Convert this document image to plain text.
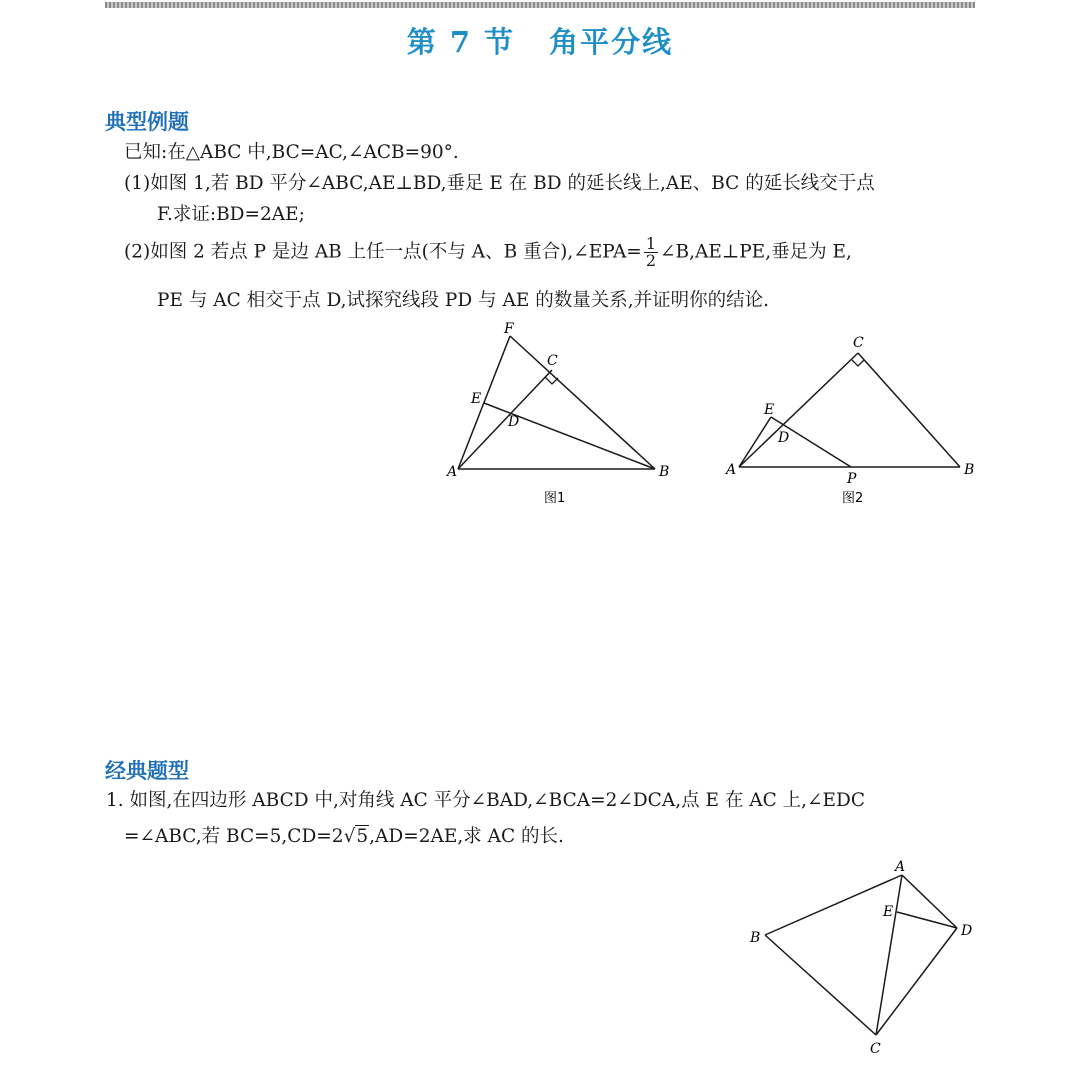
第 7 节 角平分线
典型例题
已知:在△ABC 中,BC=AC,∠ACB=90°.
(1)如图 1,若 BD 平分∠ABC,AE⊥BD,垂足 E 在 BD 的延长线上,AE、BC 的延长线交于点
F.求证:BD=2AE;
(2)如图 2 若点 P 是边 AB 上任一点(不与 A、B 重合),∠EPA= $\frac{1}{2}$ ∠B,AE⊥PE,垂足为 E,
PE 与 AC 相交于点 D,试探究线段 PD 与 AE 的数量关系,并证明你的结论.
F
C
E
D
A	B
图1
C
E
D
A
P
B
图2
经典题型
1. 如图,在四边形 ABCD 中,对角线 AC 平分∠BAD,∠BCA=2∠DCA,点 E 在 AC 上,∠EDC
=∠ABC,若 BC=5,CD=2√5,AD=2AE,求 AC 的长.
A
E
B	D
C
